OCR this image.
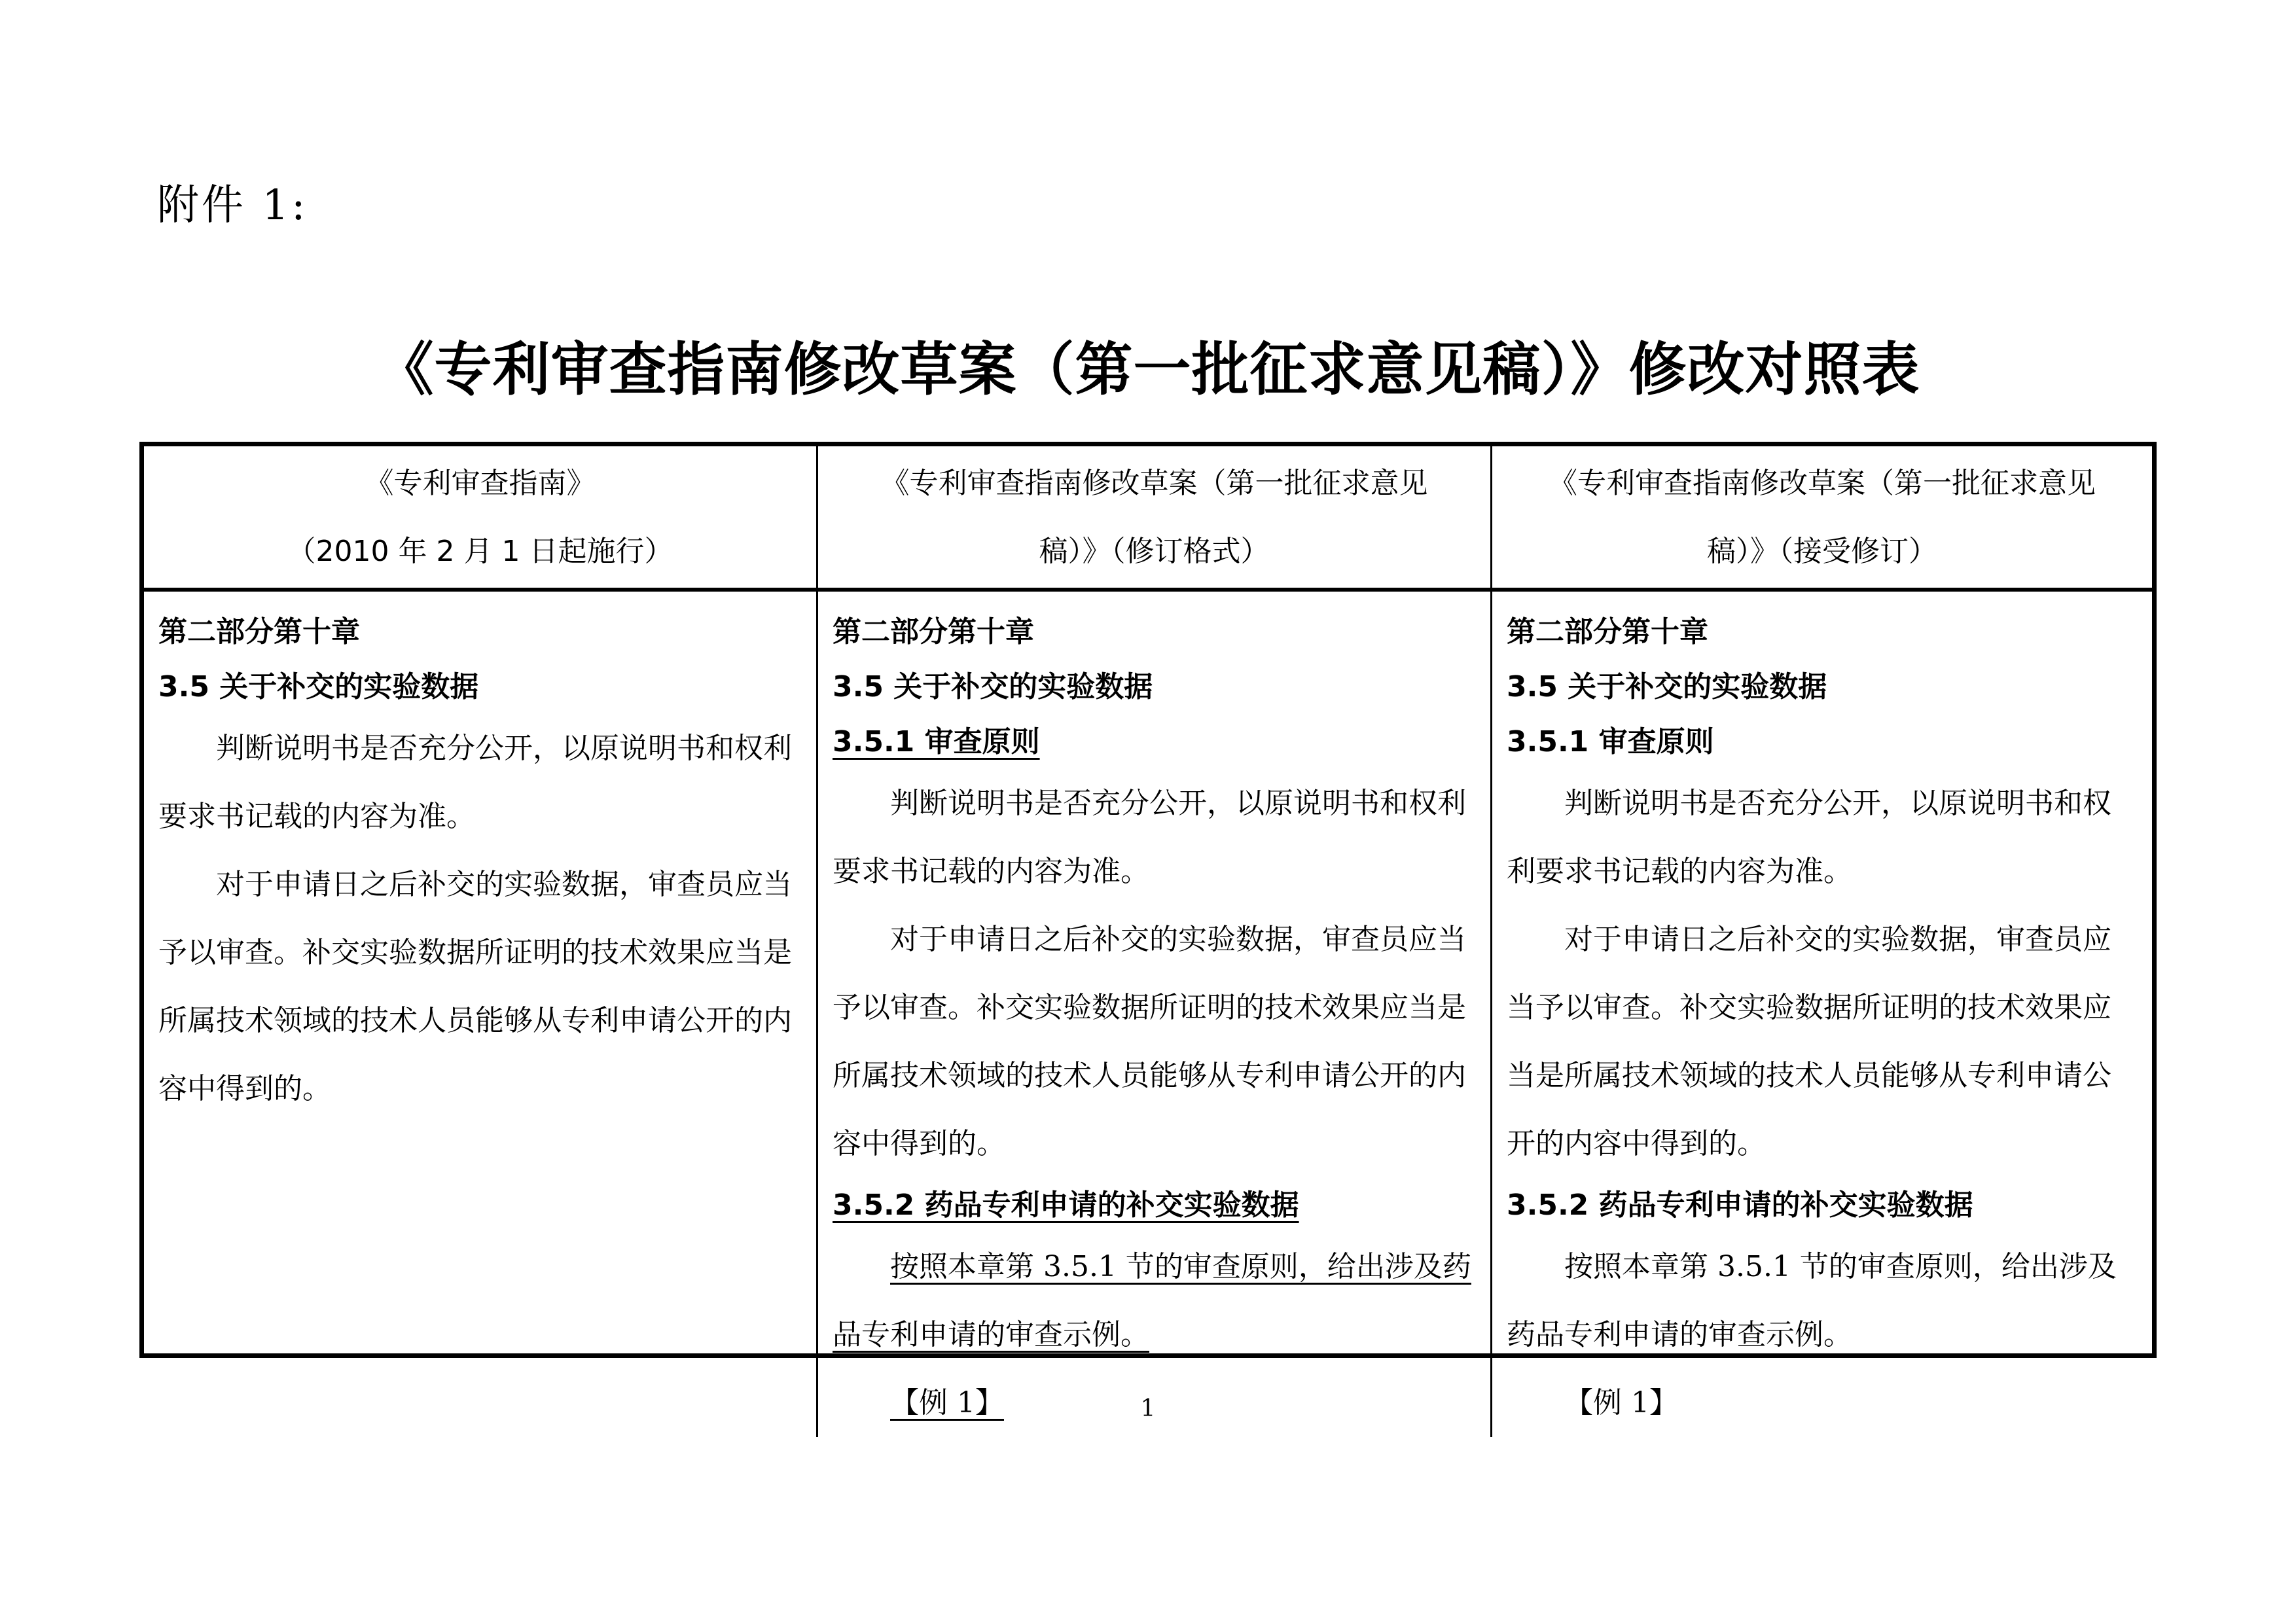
附件 1:
《专利审查指南修改草案（第一批征求意见稿）》修改对照表
《专利审查指南》
（2010 年 2 月 1 日起施行）
《专利审查指南修改草案（第一批征求意见
稿）》（修订格式）
《专利审查指南修改草案（第一批征求意见
稿）》（接受修订）
第二部分第十章
3.5 关于补交的实验数据
判断说明书是否充分公开，以原说明书和权利要求书记载的内容为准。
对于申请日之后补交的实验数据，审查员应当予以审查。补交实验数据所证明的技术效果应当是所属技术领域的技术人员能够从专利申请公开的内容中得到的。
第二部分第十章
3.5 关于补交的实验数据
3.5.1 审查原则
判断说明书是否充分公开，以原说明书和权利要求书记载的内容为准。
对于申请日之后补交的实验数据，审查员应当予以审查。补交实验数据所证明的技术效果应当是所属技术领域的技术人员能够从专利申请公开的内容中得到的。
3.5.2 药品专利申请的补交实验数据
按照本章第 3.5.1 节的审查原则，给出涉及药品专利申请的审查示例。
【例 1】
第二部分第十章
3.5 关于补交的实验数据
3.5.1 审查原则
判断说明书是否充分公开，以原说明书和权利要求书记载的内容为准。
对于申请日之后补交的实验数据，审查员应当予以审查。补交实验数据所证明的技术效果应当是所属技术领域的技术人员能够从专利申请公开的内容中得到的。
3.5.2 药品专利申请的补交实验数据
按照本章第 3.5.1 节的审查原则，给出涉及药品专利申请的审查示例。
【例 1】
1
